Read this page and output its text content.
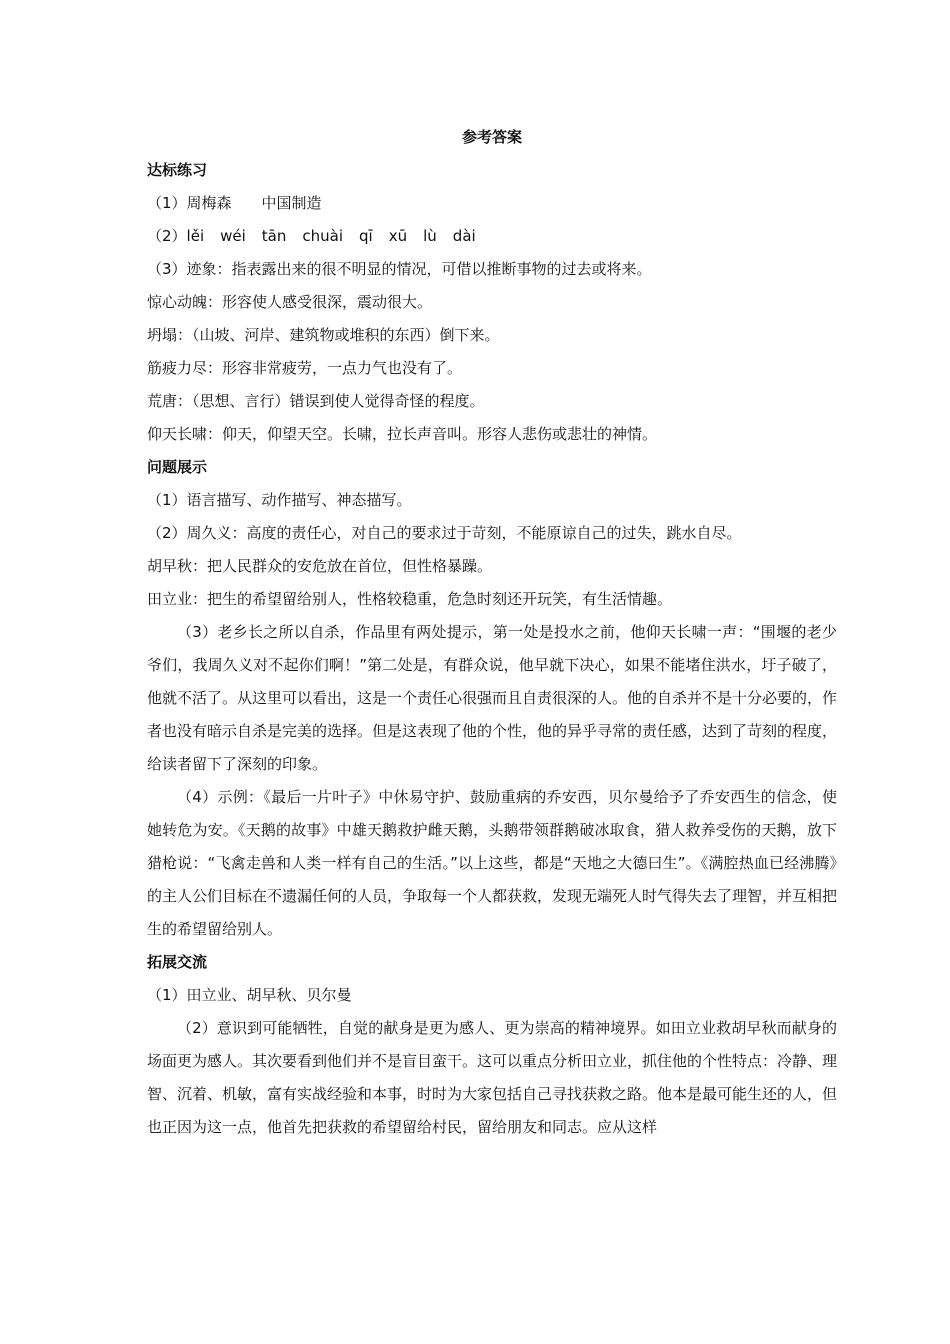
参考答案
达标练习
（1）周梅森 中国制造
（2）lěi wéi tān chuài qī xū lù dài
（3）迹象：指表露出来的很不明显的情况，可借以推断事物的过去或将来。
惊心动魄：形容使人感受很深，震动很大。
坍塌：（山坡、河岸、建筑物或堆积的东西）倒下来。
筋疲力尽：形容非常疲劳，一点力气也没有了。
荒唐：（思想、言行）错误到使人觉得奇怪的程度。
仰天长啸：仰天，仰望天空。长啸，拉长声音叫。形容人悲伤或悲壮的神情。
问题展示
（1）语言描写、动作描写、神态描写。
（2）周久义：高度的责任心，对自己的要求过于苛刻，不能原谅自己的过失，跳水自尽。
胡早秋：把人民群众的安危放在首位，但性格暴躁。
田立业：把生的希望留给别人，性格较稳重，危急时刻还开玩笑，有生活情趣。
（3）老乡长之所以自杀，作品里有两处提示，第一处是投水之前，他仰天长啸一声：“围堰的老少爷们，我周久义对不起你们啊！”第二处是，有群众说，他早就下决心，如果不能堵住洪水，圩子破了，他就不活了。从这里可以看出，这是一个责任心很强而且自责很深的人。他的自杀并不是十分必要的，作者也没有暗示自杀是完美的选择。但是这表现了他的个性，他的异乎寻常的责任感，达到了苛刻的程度，给读者留下了深刻的印象。
（4）示例：《最后一片叶子》中休易守护、鼓励重病的乔安西，贝尔曼给予了乔安西生的信念，使她转危为安。《天鹅的故事》中雄天鹅救护雌天鹅，头鹅带领群鹅破冰取食，猎人救养受伤的天鹅，放下猎枪说：“飞禽走兽和人类一样有自己的生活。”以上这些，都是“天地之大德曰生”。《满腔热血已经沸腾》的主人公们目标在不遗漏任何的人员，争取每一个人都获救，发现无端死人时气得失去了理智，并互相把生的希望留给别人。
拓展交流
（1）田立业、胡早秋、贝尔曼
（2）意识到可能牺牲，自觉的献身是更为感人、更为崇高的精神境界。如田立业救胡早秋而献身的场面更为感人。其次要看到他们并不是盲目蛮干。这可以重点分析田立业，抓住他的个性特点：冷静、理智、沉着、机敏，富有实战经验和本事，时时为大家包括自己寻找获救之路。他本是最可能生还的人，但也正因为这一点，他首先把获救的希望留给村民，留给朋友和同志。应从这样
